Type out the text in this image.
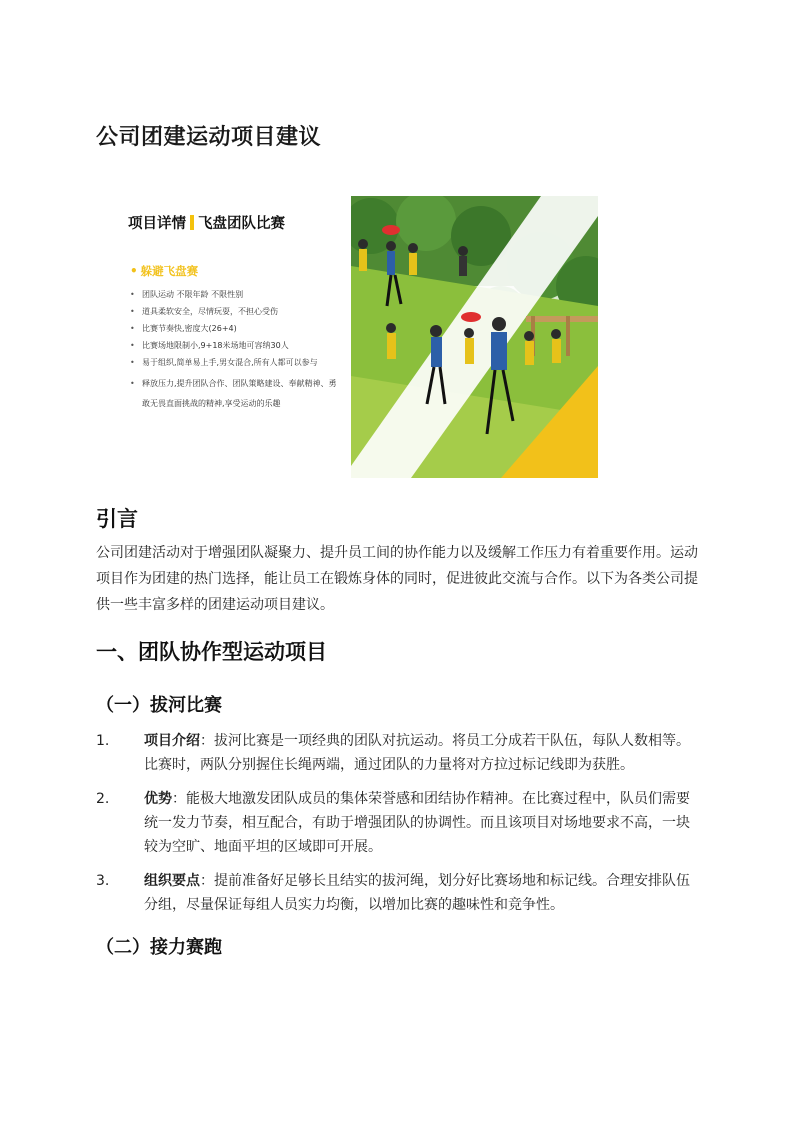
公司团建运动项目建议
项目详情 飞盘团队比赛
• 躲避飞盘赛
• 团队运动 不限年龄 不限性别
• 道具柔软安全，尽情玩耍，不担心受伤
• 比赛节奏快,密度大(26+4)
• 比赛场地限制小,9+18米场地可容纳30人
• 易于组织,简单易上手,男女混合,所有人都可以参与
• 释放压力,提升团队合作、团队策略建设、奉献精神、勇敢无畏直面挑战的精神,享受运动的乐趣
引言

公司团建活动对于增强团队凝聚力、提升员工间的协作能力以及缓解工作压力有着重要作用。运动项目作为团建的热门选择，能让员工在锻炼身体的同时，促进彼此交流与合作。以下为各类公司提供一些丰富多样的团建运动项目建议。

一、团队协作型运动项目
（一）拔河比赛
1.	项目介绍：拔河比赛是一项经典的团队对抗运动。将员工分成若干队伍，每队人数相等。比赛时，两队分别握住长绳两端，通过团队的力量将对方拉过标记线即为获胜。
2.	优势：能极大地激发团队成员的集体荣誉感和团结协作精神。在比赛过程中，队员们需要统一发力节奏，相互配合，有助于增强团队的协调性。而且该项目对场地要求不高，一块较为空旷、地面平坦的区域即可开展。
3.	组织要点：提前准备好足够长且结实的拔河绳，划分好比赛场地和标记线。合理安排队伍分组，尽量保证每组人员实力均衡，以增加比赛的趣味性和竞争性。
（二）接力赛跑
